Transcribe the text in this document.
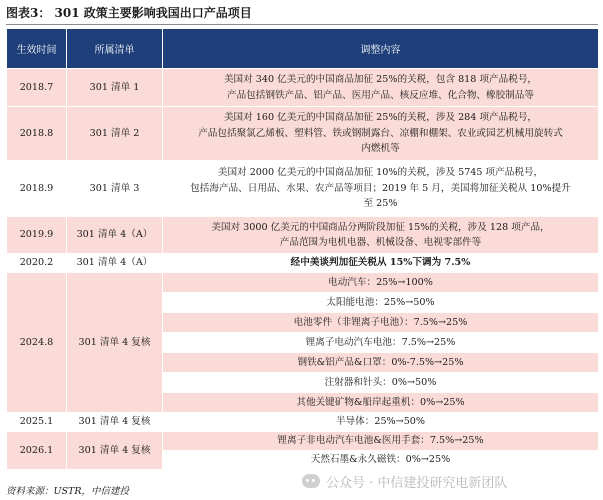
图表3： 301 政策主要影响我国出口产品项目
生效时间	所属清单	调整内容
2018.7	301 清单 1	美国对 340 亿美元的中国商品加征 25%的关税，包含 818 项产品税号，
产品包括钢铁产品、铝产品、医用产品、核反应堆、化合物、橡胶制品等

2018.8	301 清单 2	美国对 160 亿美元的中国商品加征 25%的关税，涉及 284 项产品税号，
产品包括聚氯乙烯板、塑料管、铁或钢制露台、凉棚和棚架、农业或园艺机械用旋转式
内燃机等

2018.9	301 清单 3	美国对 2000 亿美元的中国商品加征 10%的关税，涉及 5745 项产品税号，
包括海产品、日用品、水果、农产品等项目；2019 年 5 月，美国将加征关税从 10%提升
至 25%

2019.9	301 清单 4（A）	美国对 3000 亿美元的中国商品分两阶段加征 15%的关税，涉及 128 项产品，
产品范围为电机电器、机械设备、电视零部件等

2020.2	301 清单 4（A）	经中美谈判加征关税从 15%下调为 7.5%
2024.8	301 清单 4 复核	电动汽车：25%→100%
		太阳能电池：25%→50%
		电池零件（非锂离子电池）：7.5%→25%
		锂离子电动汽车电池：7.5%→25%
		钢铁&铝产品&口罩：0%-7.5%→25%
		注射器和针头：0%→50%
		其他关键矿物&船岸起重机：0%→25%
2025.1	301 清单 4 复核	半导体：25%→50%
2026.1	301 清单 4 复核	锂离子非电动汽车电池&医用手套：7.5%→25%
		天然石墨&永久磁铁：0%→25%
资料来源：USTR，中信建投
公众号 · 中信建投研究电新团队
